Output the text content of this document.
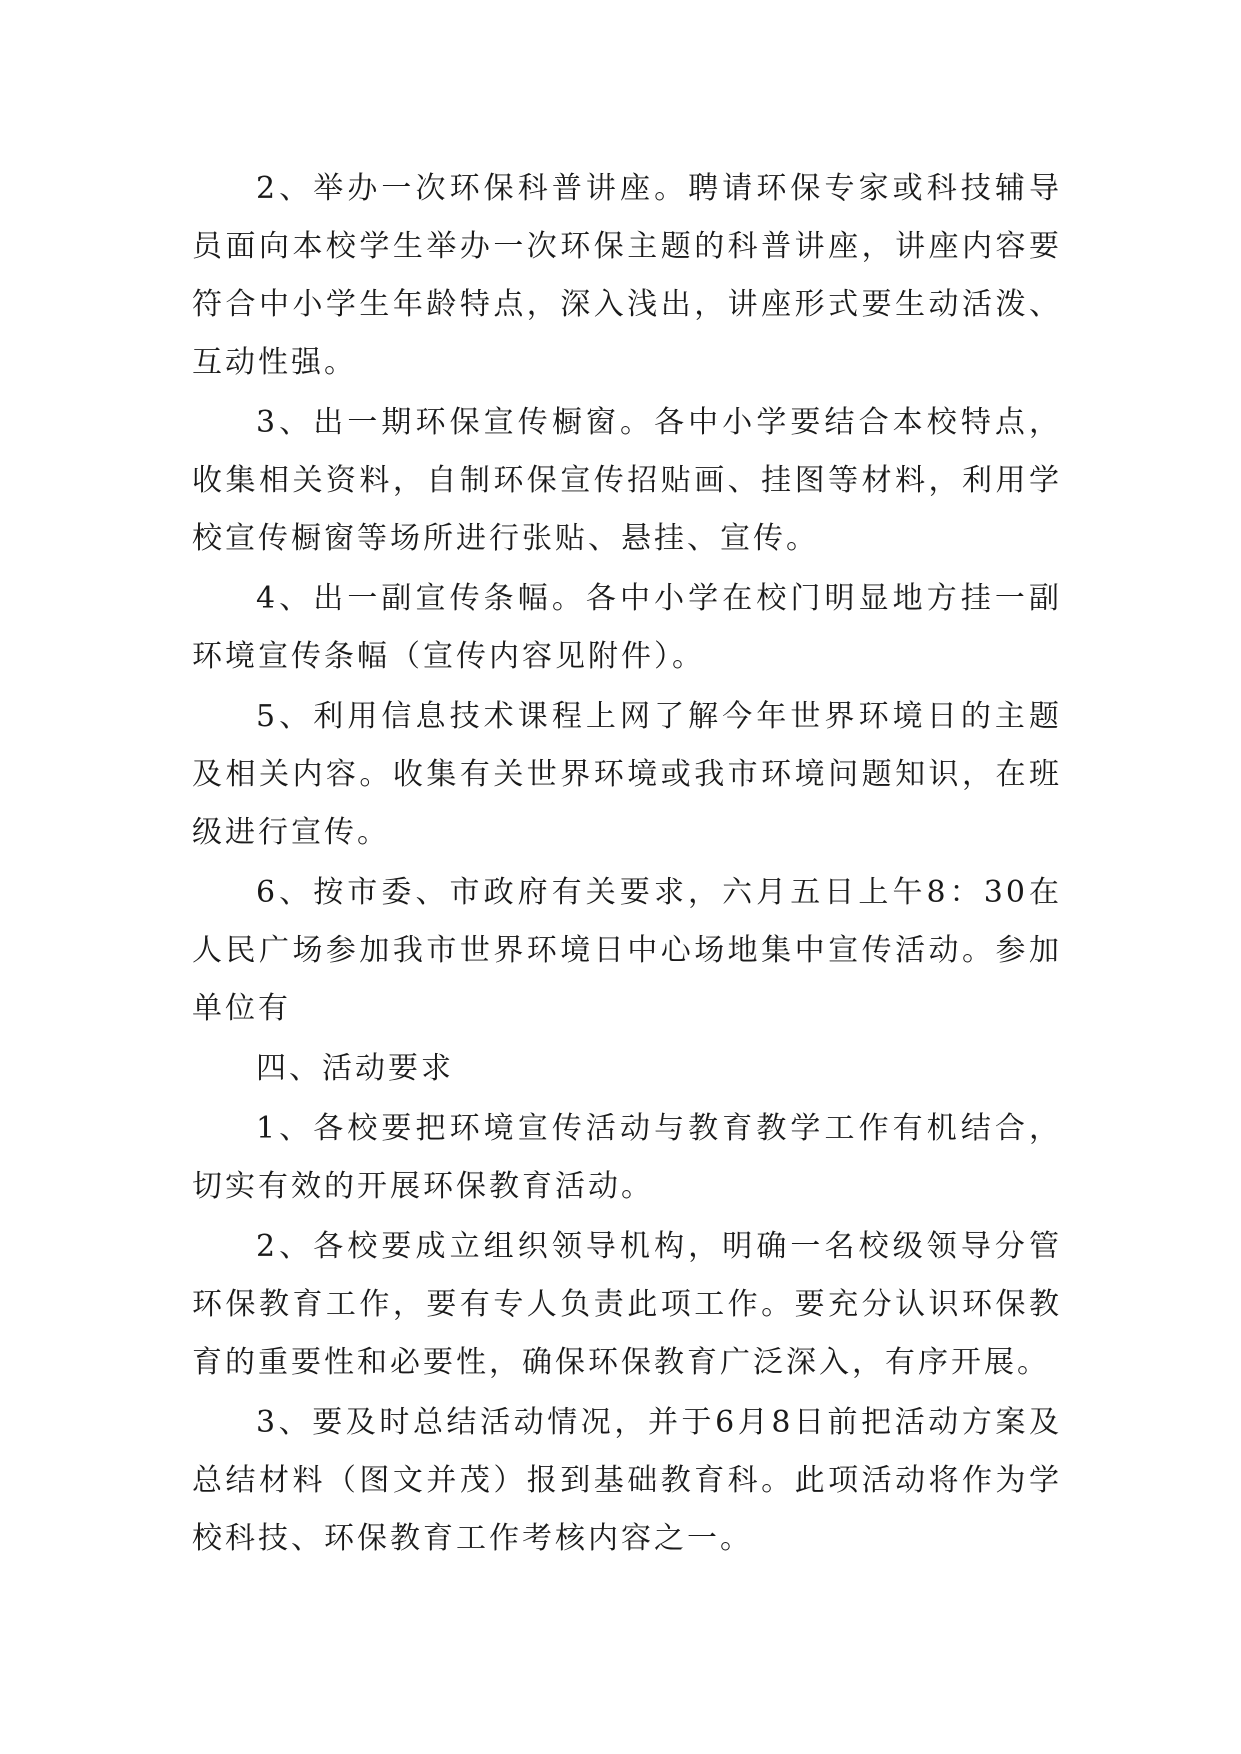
2、举办一次环保科普讲座。聘请环保专家或科技辅导员面向本校学生举办一次环保主题的科普讲座，讲座内容要符合中小学生年龄特点，深入浅出，讲座形式要生动活泼、互动性强。

3、出一期环保宣传橱窗。各中小学要结合本校特点，收集相关资料，自制环保宣传招贴画、挂图等材料，利用学校宣传橱窗等场所进行张贴、悬挂、宣传。

4、出一副宣传条幅。各中小学在校门明显地方挂一副环境宣传条幅（宣传内容见附件）。

5、利用信息技术课程上网了解今年世界环境日的主题及相关内容。收集有关世界环境或我市环境问题知识，在班级进行宣传。

6、按市委、市政府有关要求，六月五日上午8：30在人民广场参加我市世界环境日中心场地集中宣传活动。参加单位有

四、活动要求

1、各校要把环境宣传活动与教育教学工作有机结合，切实有效的开展环保教育活动。

2、各校要成立组织领导机构，明确一名校级领导分管环保教育工作，要有专人负责此项工作。要充分认识环保教育的重要性和必要性，确保环保教育广泛深入，有序开展。

3、要及时总结活动情况，并于6月8日前把活动方案及总结材料（图文并茂）报到基础教育科。此项活动将作为学校科技、环保教育工作考核内容之一。
